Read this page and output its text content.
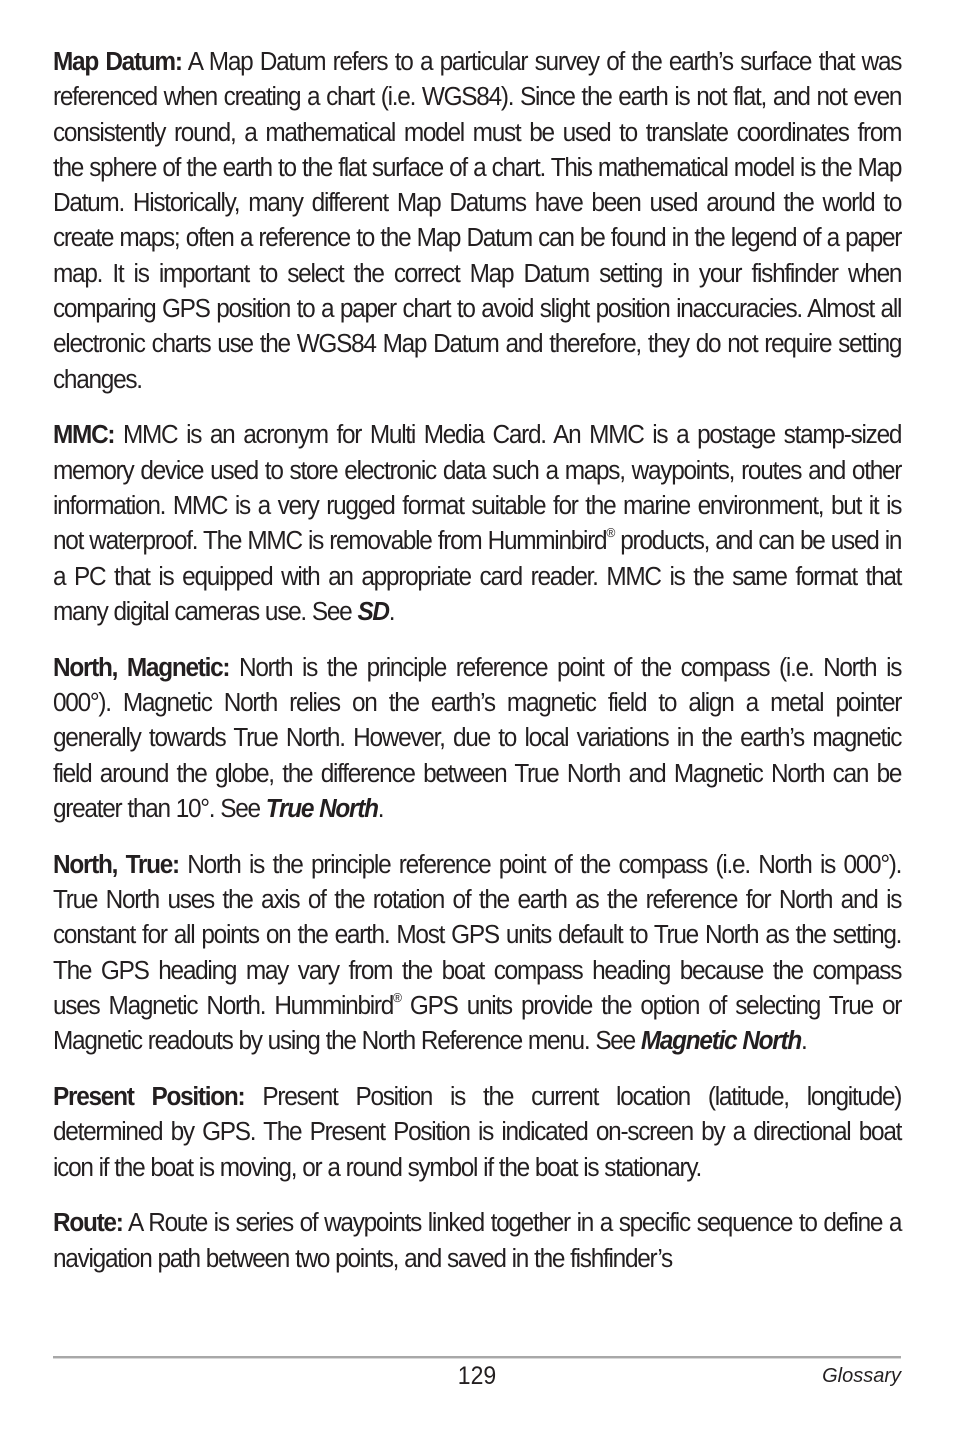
Map Datum: A Map Datum refers to a particular survey of the earth’s surface that was referenced when creating a chart (i.e. WGS84). Since the earth is not flat, and not even consistently round, a mathematical model must be used to translate coordinates from the sphere of the earth to the flat surface of a chart. This mathematical model is the Map Datum. Historically, many different Map Datums have been used around the world to create maps; often a reference to the Map Datum can be found in the legend of a paper map. It is important to select the correct Map Datum setting in your fishfinder when comparing GPS position to a paper chart to avoid slight position inaccuracies. Almost all electronic charts use the WGS84 Map Datum and therefore, they do not require setting changes.

MMC: MMC is an acronym for Multi Media Card. An MMC is a postage stamp-sized memory device used to store electronic data such a maps, waypoints, routes and other information. MMC is a very rugged format suitable for the marine environment, but it is not waterproof. The MMC is removable from Humminbird® products, and can be used in a PC that is equipped with an appropriate card reader. MMC is the same format that many digital cameras use. See SD.

North, Magnetic: North is the principle reference point of the compass (i.e. North is 000°). Magnetic North relies on the earth’s magnetic field to align a metal pointer generally towards True North. However, due to local variations in the earth’s magnetic field around the globe, the difference between True North and Magnetic North can be greater than 10°. See True North.

North, True: North is the principle reference point of the compass (i.e. North is 000°). True North uses the axis of the rotation of the earth as the reference for North and is constant for all points on the earth. Most GPS units default to True North as the setting. The GPS heading may vary from the boat compass heading because the compass uses Magnetic North. Humminbird® GPS units provide the option of selecting True or Magnetic readouts by using the North Reference menu. See Magnetic North.

Present Position: Present Position is the current location (latitude, longitude) determined by GPS. The Present Position is indicated on-screen by a directional boat icon if the boat is moving, or a round symbol if the boat is stationary.

Route: A Route is series of waypoints linked together in a specific sequence to define a navigation path between two points, and saved in the fishfinder’s

129	Glossary
